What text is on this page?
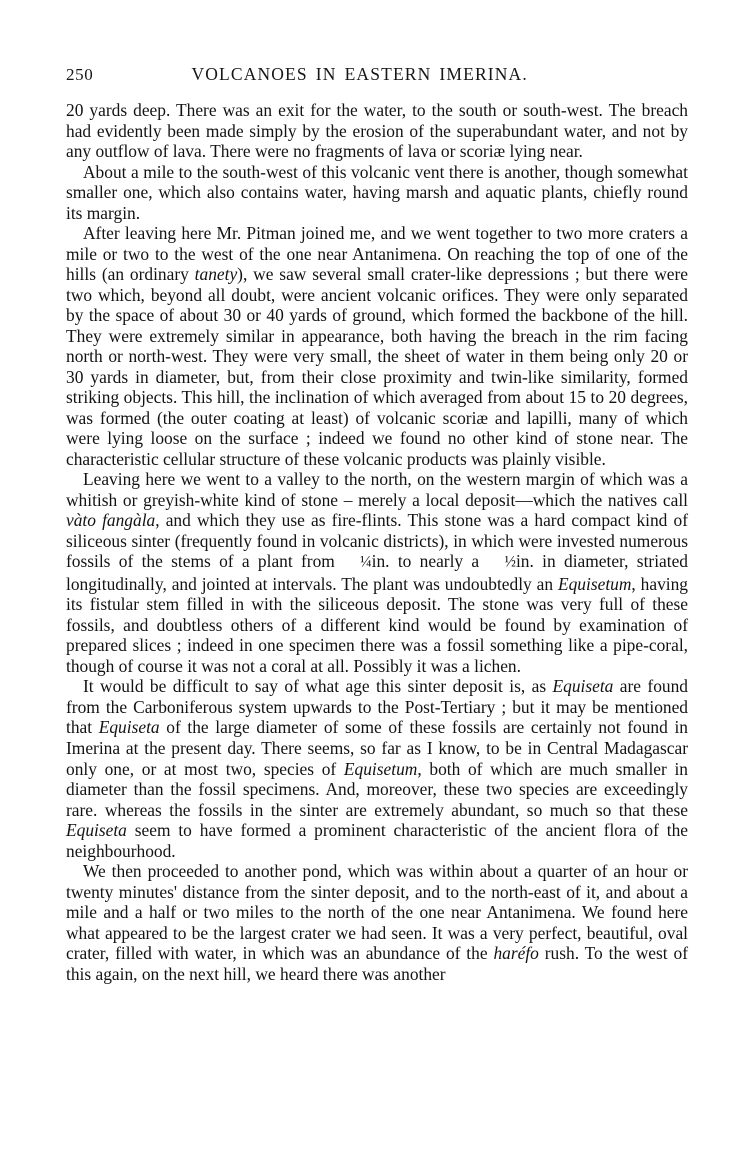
250	VOLCANOES IN EASTERN IMERINA.

20 yards deep. There was an exit for the water, to the south or south-west. The breach had evidently been made simply by the erosion of the superabundant water, and not by any outflow of lava. There were no fragments of lava or scoriæ lying near.

About a mile to the south-west of this volcanic vent there is another, though somewhat smaller one, which also contains water, having marsh and aquatic plants, chiefly round its margin.

After leaving here Mr. Pitman joined me, and we went together to two more craters a mile or two to the west of the one near Antanimena. On reaching the top of one of the hills (an ordinary tanety), we saw several small crater-like depressions ; but there were two which, beyond all doubt, were ancient volcanic orifices. They were only separated by the space of about 30 or 40 yards of ground, which formed the backbone of the hill. They were extremely similar in appearance, both having the breach in the rim facing north or north-west. They were very small, the sheet of water in them being only 20 or 30 yards in diameter, but, from their close proximity and twin-like similarity, formed striking objects. This hill, the inclination of which averaged from about 15 to 20 degrees, was formed (the outer coating at least) of volcanic scoriæ and lapilli, many of which were lying loose on the surface ; indeed we found no other kind of stone near. The characteristic cellular structure of these volcanic products was plainly visible.

Leaving here we went to a valley to the north, on the western margin of which was a whitish or greyish-white kind of stone – merely a local deposit—which the natives call vàto fangàla, and which they use as fire-flints. This stone was a hard compact kind of siliceous sinter (frequently found in volcanic districts), in which were invested numerous fossils of the stems of a plant from ¼in. to nearly a ½in. in diameter, striated longitudinally, and jointed at intervals. The plant was undoubtedly an Equisetum, having its fistular stem filled in with the siliceous deposit. The stone was very full of these fossils, and doubtless others of a different kind would be found by examination of prepared slices ; indeed in one specimen there was a fossil something like a pipe-coral, though of course it was not a coral at all. Possibly it was a lichen.

It would be difficult to say of what age this sinter deposit is, as Equiseta are found from the Carboniferous system upwards to the Post-Tertiary ; but it may be mentioned that Equiseta of the large diameter of some of these fossils are certainly not found in Imerina at the present day. There seems, so far as I know, to be in Central Madagascar only one, or at most two, species of Equisetum, both of which are much smaller in diameter than the fossil specimens. And, moreover, these two species are exceedingly rare. whereas the fossils in the sinter are extremely abundant, so much so that these Equiseta seem to have formed a prominent characteristic of the ancient flora of the neighbourhood.

We then proceeded to another pond, which was within about a quarter of an hour or twenty minutes' distance from the sinter deposit, and to the north-east of it, and about a mile and a half or two miles to the north of the one near Antanimena. We found here what appeared to be the largest crater we had seen. It was a very perfect, beautiful, oval crater, filled with water, in which was an abundance of the haréfo rush. To the west of this again, on the next hill, we heard there was another
